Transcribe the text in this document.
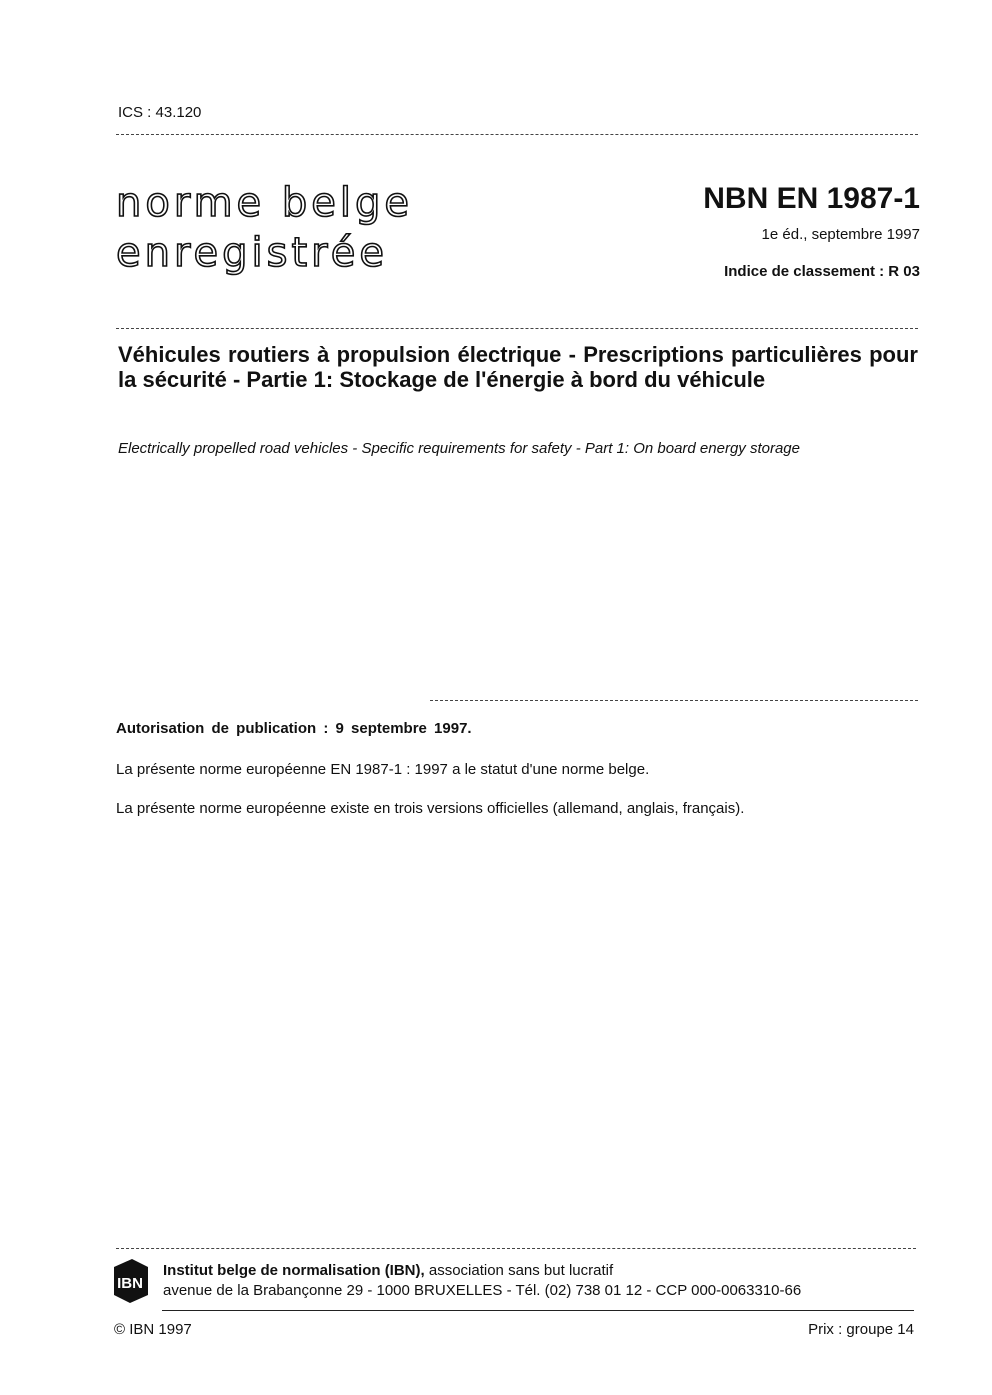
ICS : 43.120
norme belge
enregistrée
NBN EN 1987-1
1e éd., septembre 1997
Indice de classement : R 03
Véhicules routiers à propulsion électrique - Prescriptions particulières pour la sécurité - Partie 1: Stockage de l'énergie à bord du véhicule
Electrically propelled road vehicles - Specific requirements for safety - Part 1: On board energy storage
Autorisation de publication : 9 septembre 1997.
La présente norme européenne EN 1987-1 : 1997 a le statut d'une norme belge.
La présente norme européenne existe en trois versions officielles (allemand, anglais, français).
IBN
Institut belge de normalisation (IBN), association sans but lucratif
avenue de la Brabançonne 29 - 1000 BRUXELLES - Tél. (02) 738 01 12 - CCP 000-0063310-66
© IBN 1997	Prix : groupe 14
